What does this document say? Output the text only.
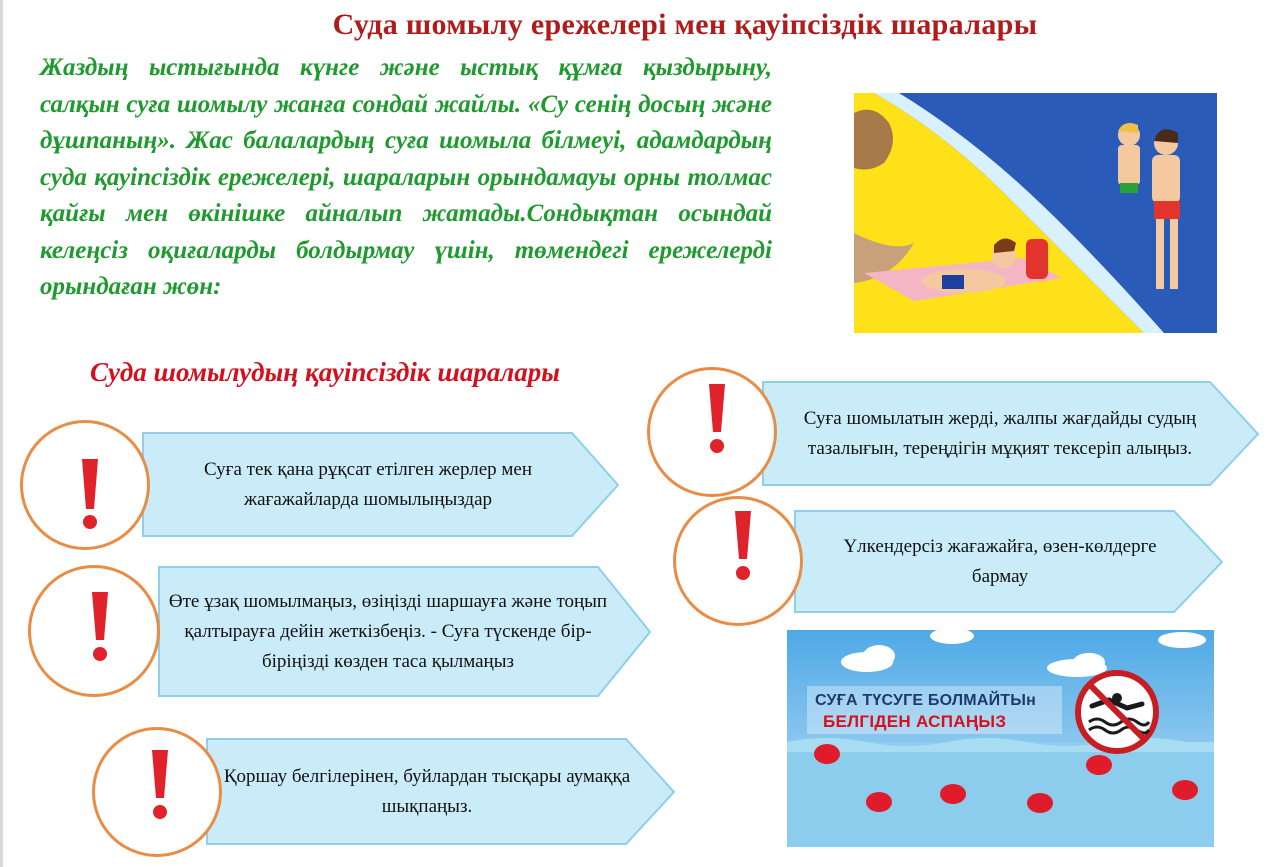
Суда шомылу ережелері мен қауіпсіздік шаралары

Жаздың ыстығында күнге және ыстық құмға қыздырыну, салқын суға шомылу жанға сондай жайлы. «Су сенің досың және дұшпаның». Жас балалардың суға шомыла білмеуі, адамдардың суда қауіпсіздік ережелері, шараларын орындамауы орны толмас қайғы мен өкінішке айналып жатады.Сондықтан осындай келеңсіз оқиғаларды болдырмау үшін, төмендегі ережелерді орындаған жөн:

Суда шомылудың қауіпсіздік шаралары
Суға тек қана рұқсат етілген жерлер мен жағажайларда шомылыңыздар
Өте ұзақ шомылмаңыз, өзіңізді шаршауға және тоңып қалтырауға дейін жеткізбеңіз. - Суға түскенде бір-біріңізді көзден таса қылмаңыз
Қоршау белгілерінен, буйлардан тысқары аумаққа шықпаңыз.
Суға шомылатын жерді, жалпы жағдайды судың тазалығын, тереңдігін мұқият тексеріп алыңыз.
Үлкендерсіз жағажайға, өзен-көлдерге бармау
СУҒА ТҮСУГЕ БОЛМАЙТЫн
БЕЛГІДЕН АСПАҢЫЗ
